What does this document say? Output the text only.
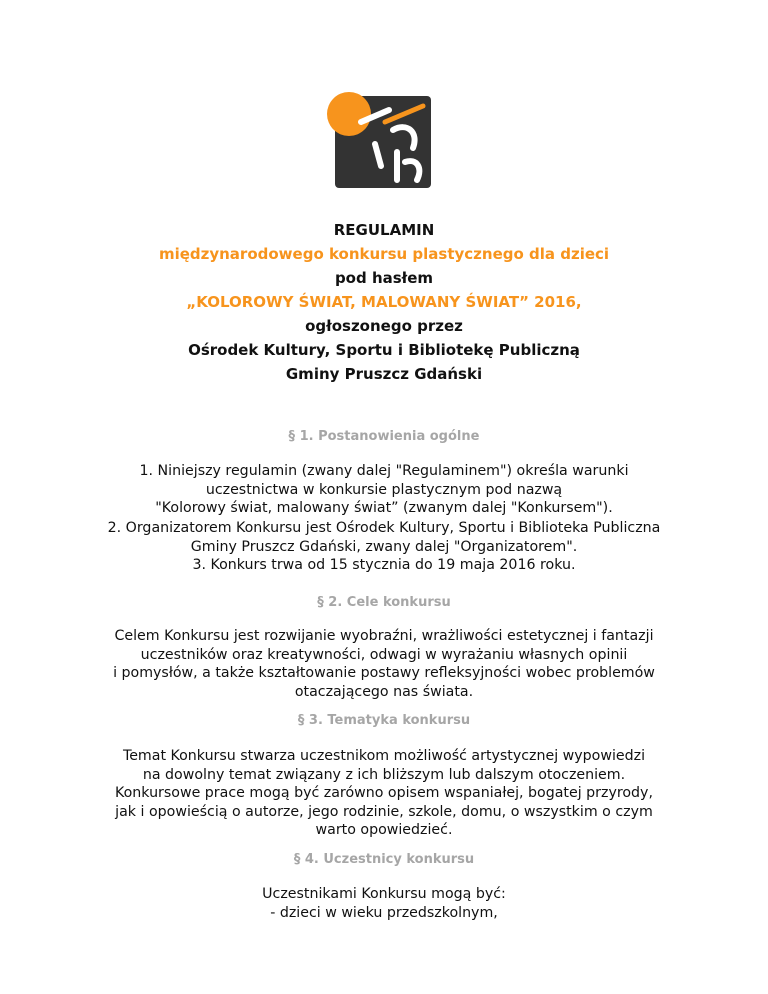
REGULAMIN

międzynarodowego konkursu plastycznego dla dzieci

pod hasłem

„KOLOROWY ŚWIAT, MALOWANY ŚWIAT” 2016,

ogłoszonego przez

Ośrodek Kultury, Sportu i Bibliotekę Publiczną

Gminy Pruszcz Gdański

§ 1. Postanowienia ogólne

1. Niniejszy regulamin (zwany dalej "Regulaminem") określa warunki

uczestnictwa w konkursie plastycznym pod nazwą

"Kolorowy świat, malowany świat” (zwanym dalej "Konkursem").

2. Organizatorem Konkursu jest Ośrodek Kultury, Sportu i Biblioteka Publiczna

Gminy Pruszcz Gdański, zwany dalej "Organizatorem".

3. Konkurs trwa od 15 stycznia do 19 maja 2016 roku.

§ 2. Cele konkursu

Celem Konkursu jest rozwijanie wyobraźni, wrażliwości estetycznej i fantazji

uczestników oraz kreatywności, odwagi w wyrażaniu własnych opinii

i pomysłów, a także kształtowanie postawy refleksyjności wobec problemów

otaczającego nas świata.

§ 3. Tematyka konkursu

Temat Konkursu stwarza uczestnikom możliwość artystycznej wypowiedzi

na dowolny temat związany z ich bliższym lub dalszym otoczeniem.

Konkursowe prace mogą być zarówno opisem wspaniałej, bogatej przyrody,

jak i opowieścią o autorze, jego rodzinie, szkole, domu, o wszystkim o czym

warto opowiedzieć.

§ 4. Uczestnicy konkursu

Uczestnikami Konkursu mogą być:

- dzieci w wieku przedszkolnym,
